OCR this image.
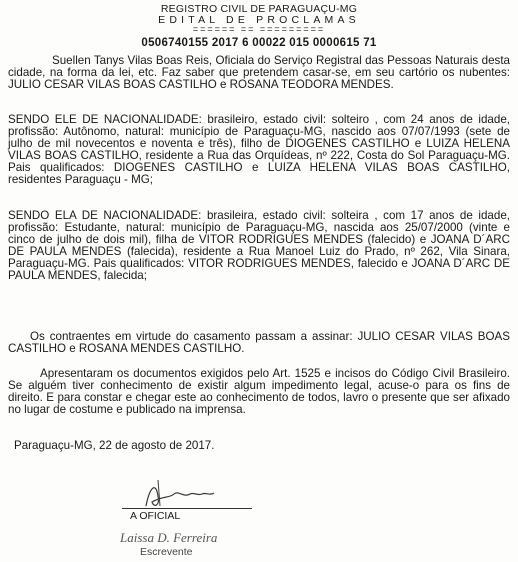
REGISTRO CIVIL DE PARAGUAÇU-MG
EDITAL DE PROCLAMAS
====== == =========
0506740155 2017 6 00022 015 0000615 71

Suellen Tanys Vilas Boas Reis, Oficiala do Serviço Registral das Pessoas Naturais desta cidade, na forma da lei, etc. Faz saber que pretendem casar-se, em seu cartório os nubentes: JULIO CESAR VILAS BOAS CASTILHO e ROSANA TEODORA MENDES.

SENDO ELE DE NACIONALIDADE: brasileiro, estado civil: solteiro , com 24 anos de idade, profissão: Autônomo, natural: município de Paraguaçu-MG, nascido aos 07/07/1993 (sete de julho de mil novecentos e noventa e três), filho de DIOGENES CASTILHO e LUIZA HELENA VILAS BOAS CASTILHO, residente a Rua das Orquídeas, nº 222, Costa do Sol Paraguaçu-MG. Pais qualificados: DIOGENES CASTILHO e LUIZA HELENA VILAS BOAS CASTILHO, residentes Paraguaçu - MG;

SENDO ELA DE NACIONALIDADE: brasileira, estado civil: solteira , com 17 anos de idade, profissão: Estudante, natural: município de Paraguaçu-MG, nascida aos 25/07/2000 (vinte e cinco de julho de dois mil), filha de VITOR RODRIGUES MENDES (falecido) e JOANA D´ARC DE PAULA MENDES (falecida), residente a Rua Manoel Luiz do Prado, nº 262, Vila Sinara, Paraguaçu-MG. Pais qualificados: VITOR RODRIGUES MENDES, falecido e JOANA D´ARC DE PAULA MENDES, falecida;

Os contraentes em virtude do casamento passam a assinar: JULIO CESAR VILAS BOAS CASTILHO e ROSANA MENDES CASTILHO.

Apresentaram os documentos exigidos pelo Art. 1525 e incisos do Código Civil Brasileiro. Se alguém tiver conhecimento de existir algum impedimento legal, acuse-o para os fins de direito. E para constar e chegar este ao conhecimento de todos, lavro o presente que ser afixado no lugar de costume e publicado na imprensa.

Paraguaçu-MG, 22 de agosto de 2017.

A OFICIAL
Laissa D. Ferreira
Escrevente
